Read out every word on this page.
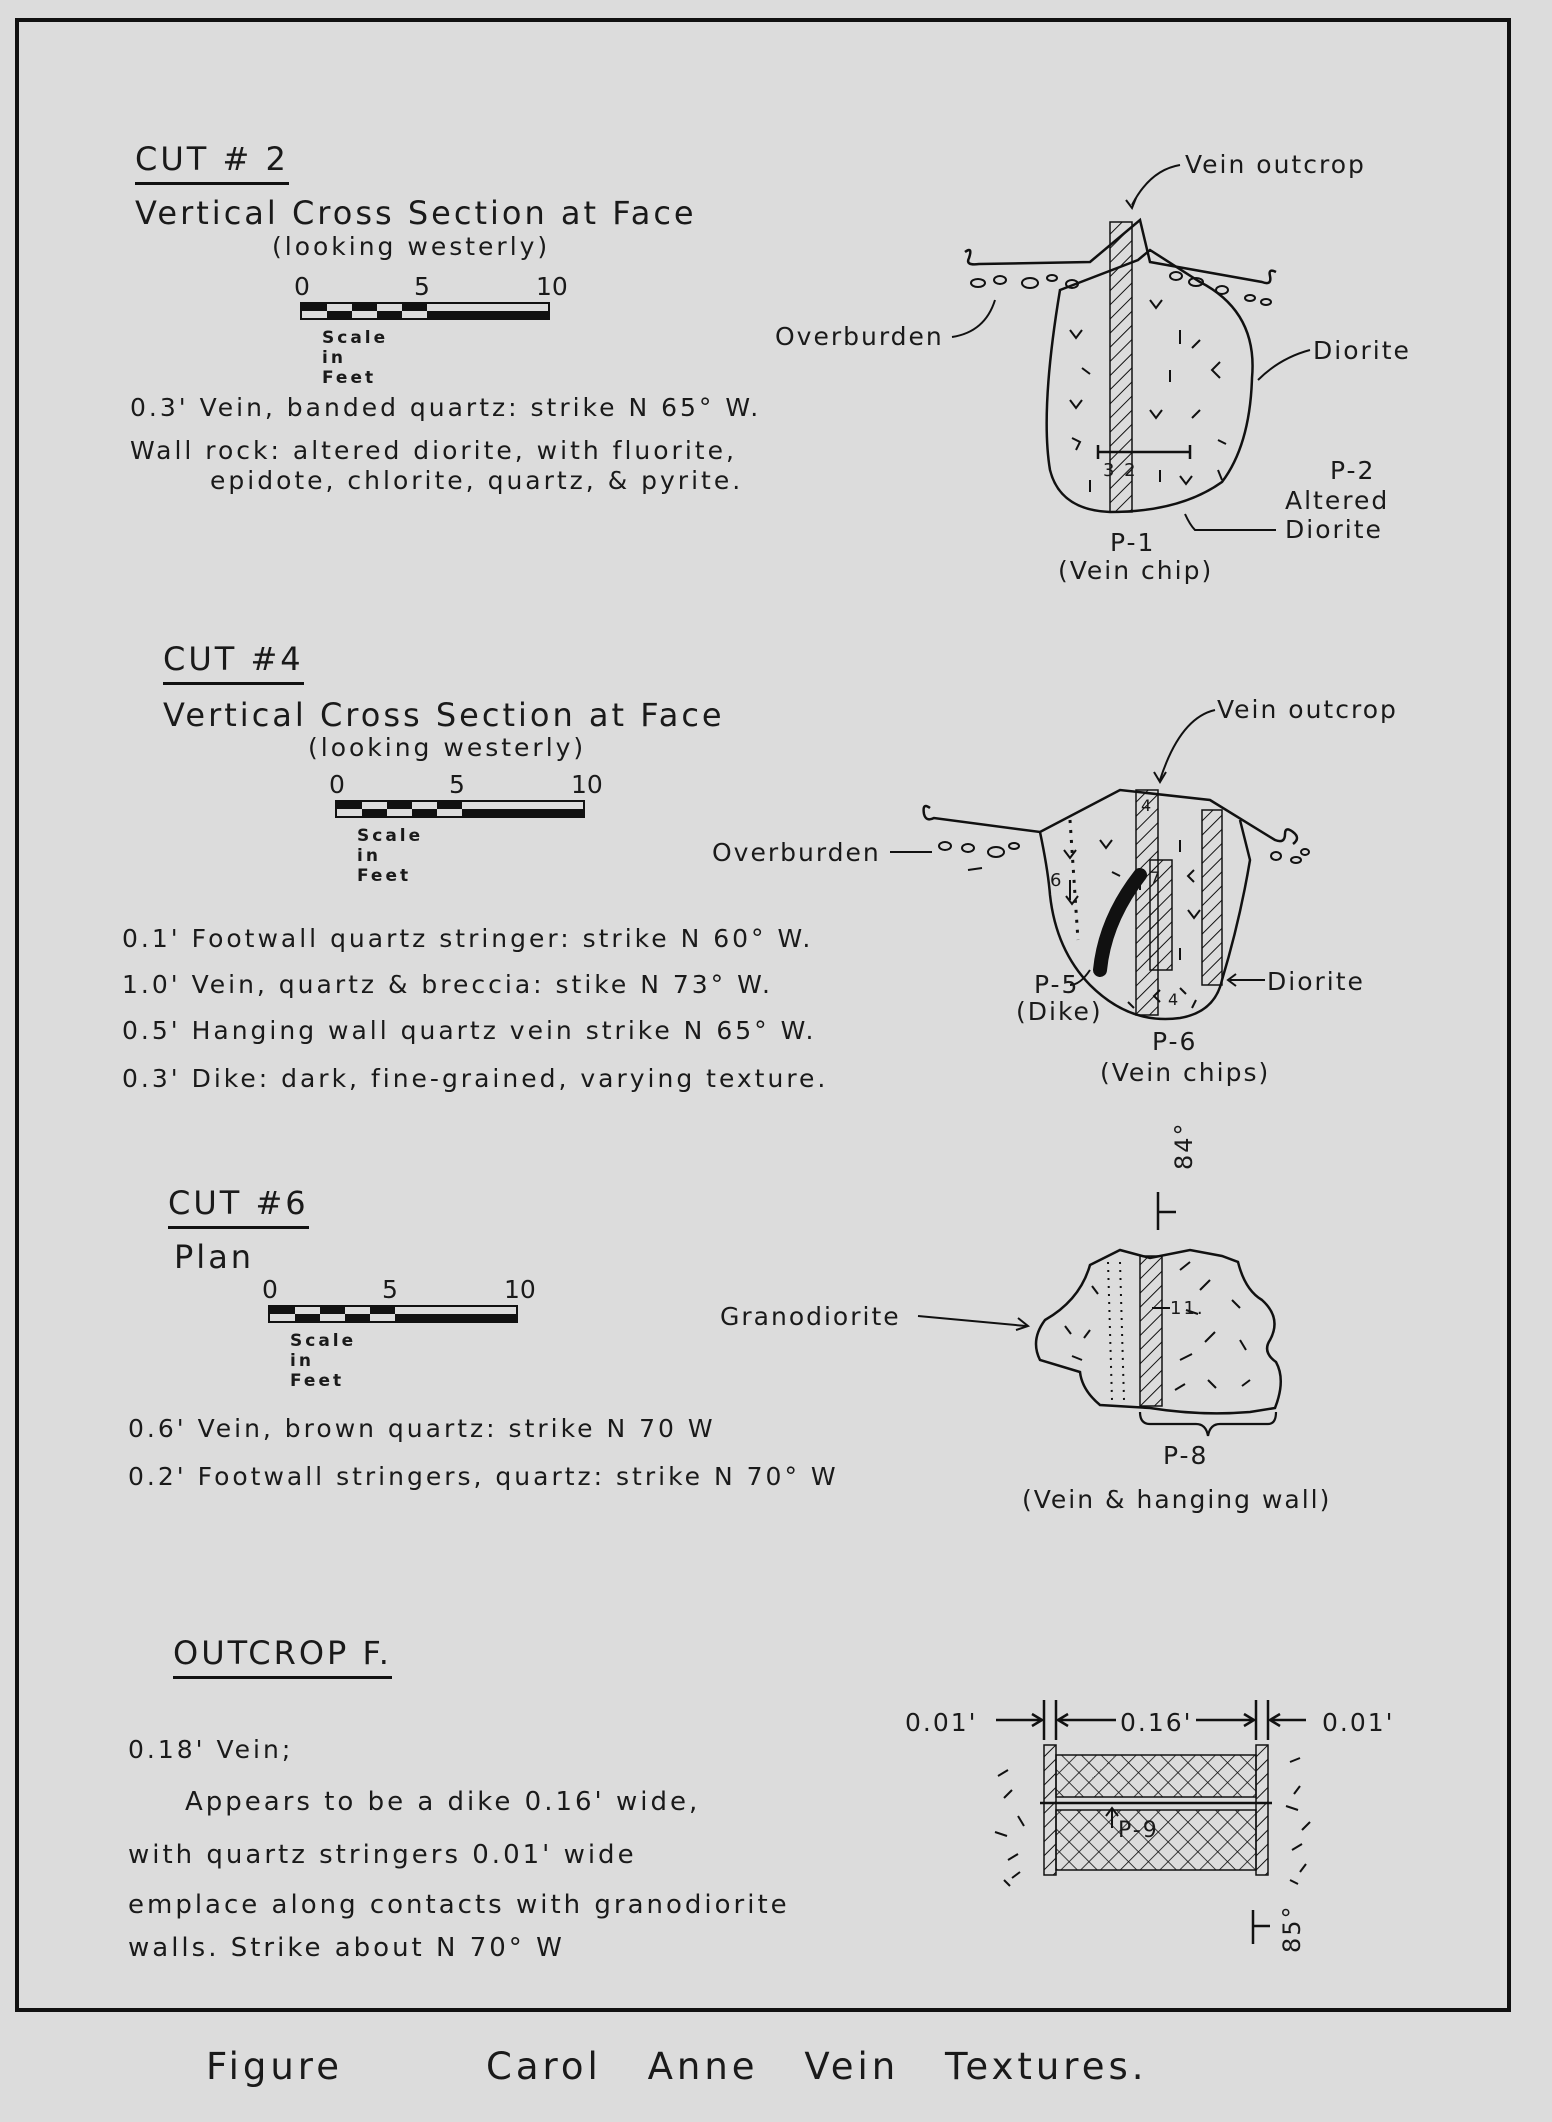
CUT # 2
Vertical Cross Section at Face
(looking westerly)
0	5	10
Scale in Feet
0.3' Vein, banded quartz: strike N 65° W.
Wall rock: altered diorite, with fluorite,
epidote, chlorite, quartz, & pyrite.
Vein outcrop
Overburden	Diorite
P-2
Altered
Diorite
P-1
(Vein chip)
3 2
CUT #4
Vertical Cross Section at Face
(looking westerly)
0	5	10
Scale in Feet
0.1' Footwall quartz stringer: strike N 60° W.
1.0' Vein, quartz & breccia: stike N 73° W.
0.5' Hanging wall quartz vein strike N 65° W.
0.3' Dike: dark, fine-grained, varying texture.
Vein outcrop
Overburden
Diorite
P-5
(Dike)
P-6
(Vein chips)
6
4
4
7
CUT #6
Plan
0	5	10
Scale in Feet
0.6' Vein, brown quartz: strike N 70 W
0.2' Footwall stringers, quartz: strike N 70° W
Granodiorite
P-8
(Vein & hanging wall)
84°
11.
OUTCROP F.
0.18' Vein;
Appears to be a dike 0.16' wide,
with quartz stringers 0.01' wide
emplace along contacts with granodiorite
walls. Strike about N 70° W
0.01'	0.16'	0.01'
P-9
85°
Figure	Carol Anne Vein Textures.
